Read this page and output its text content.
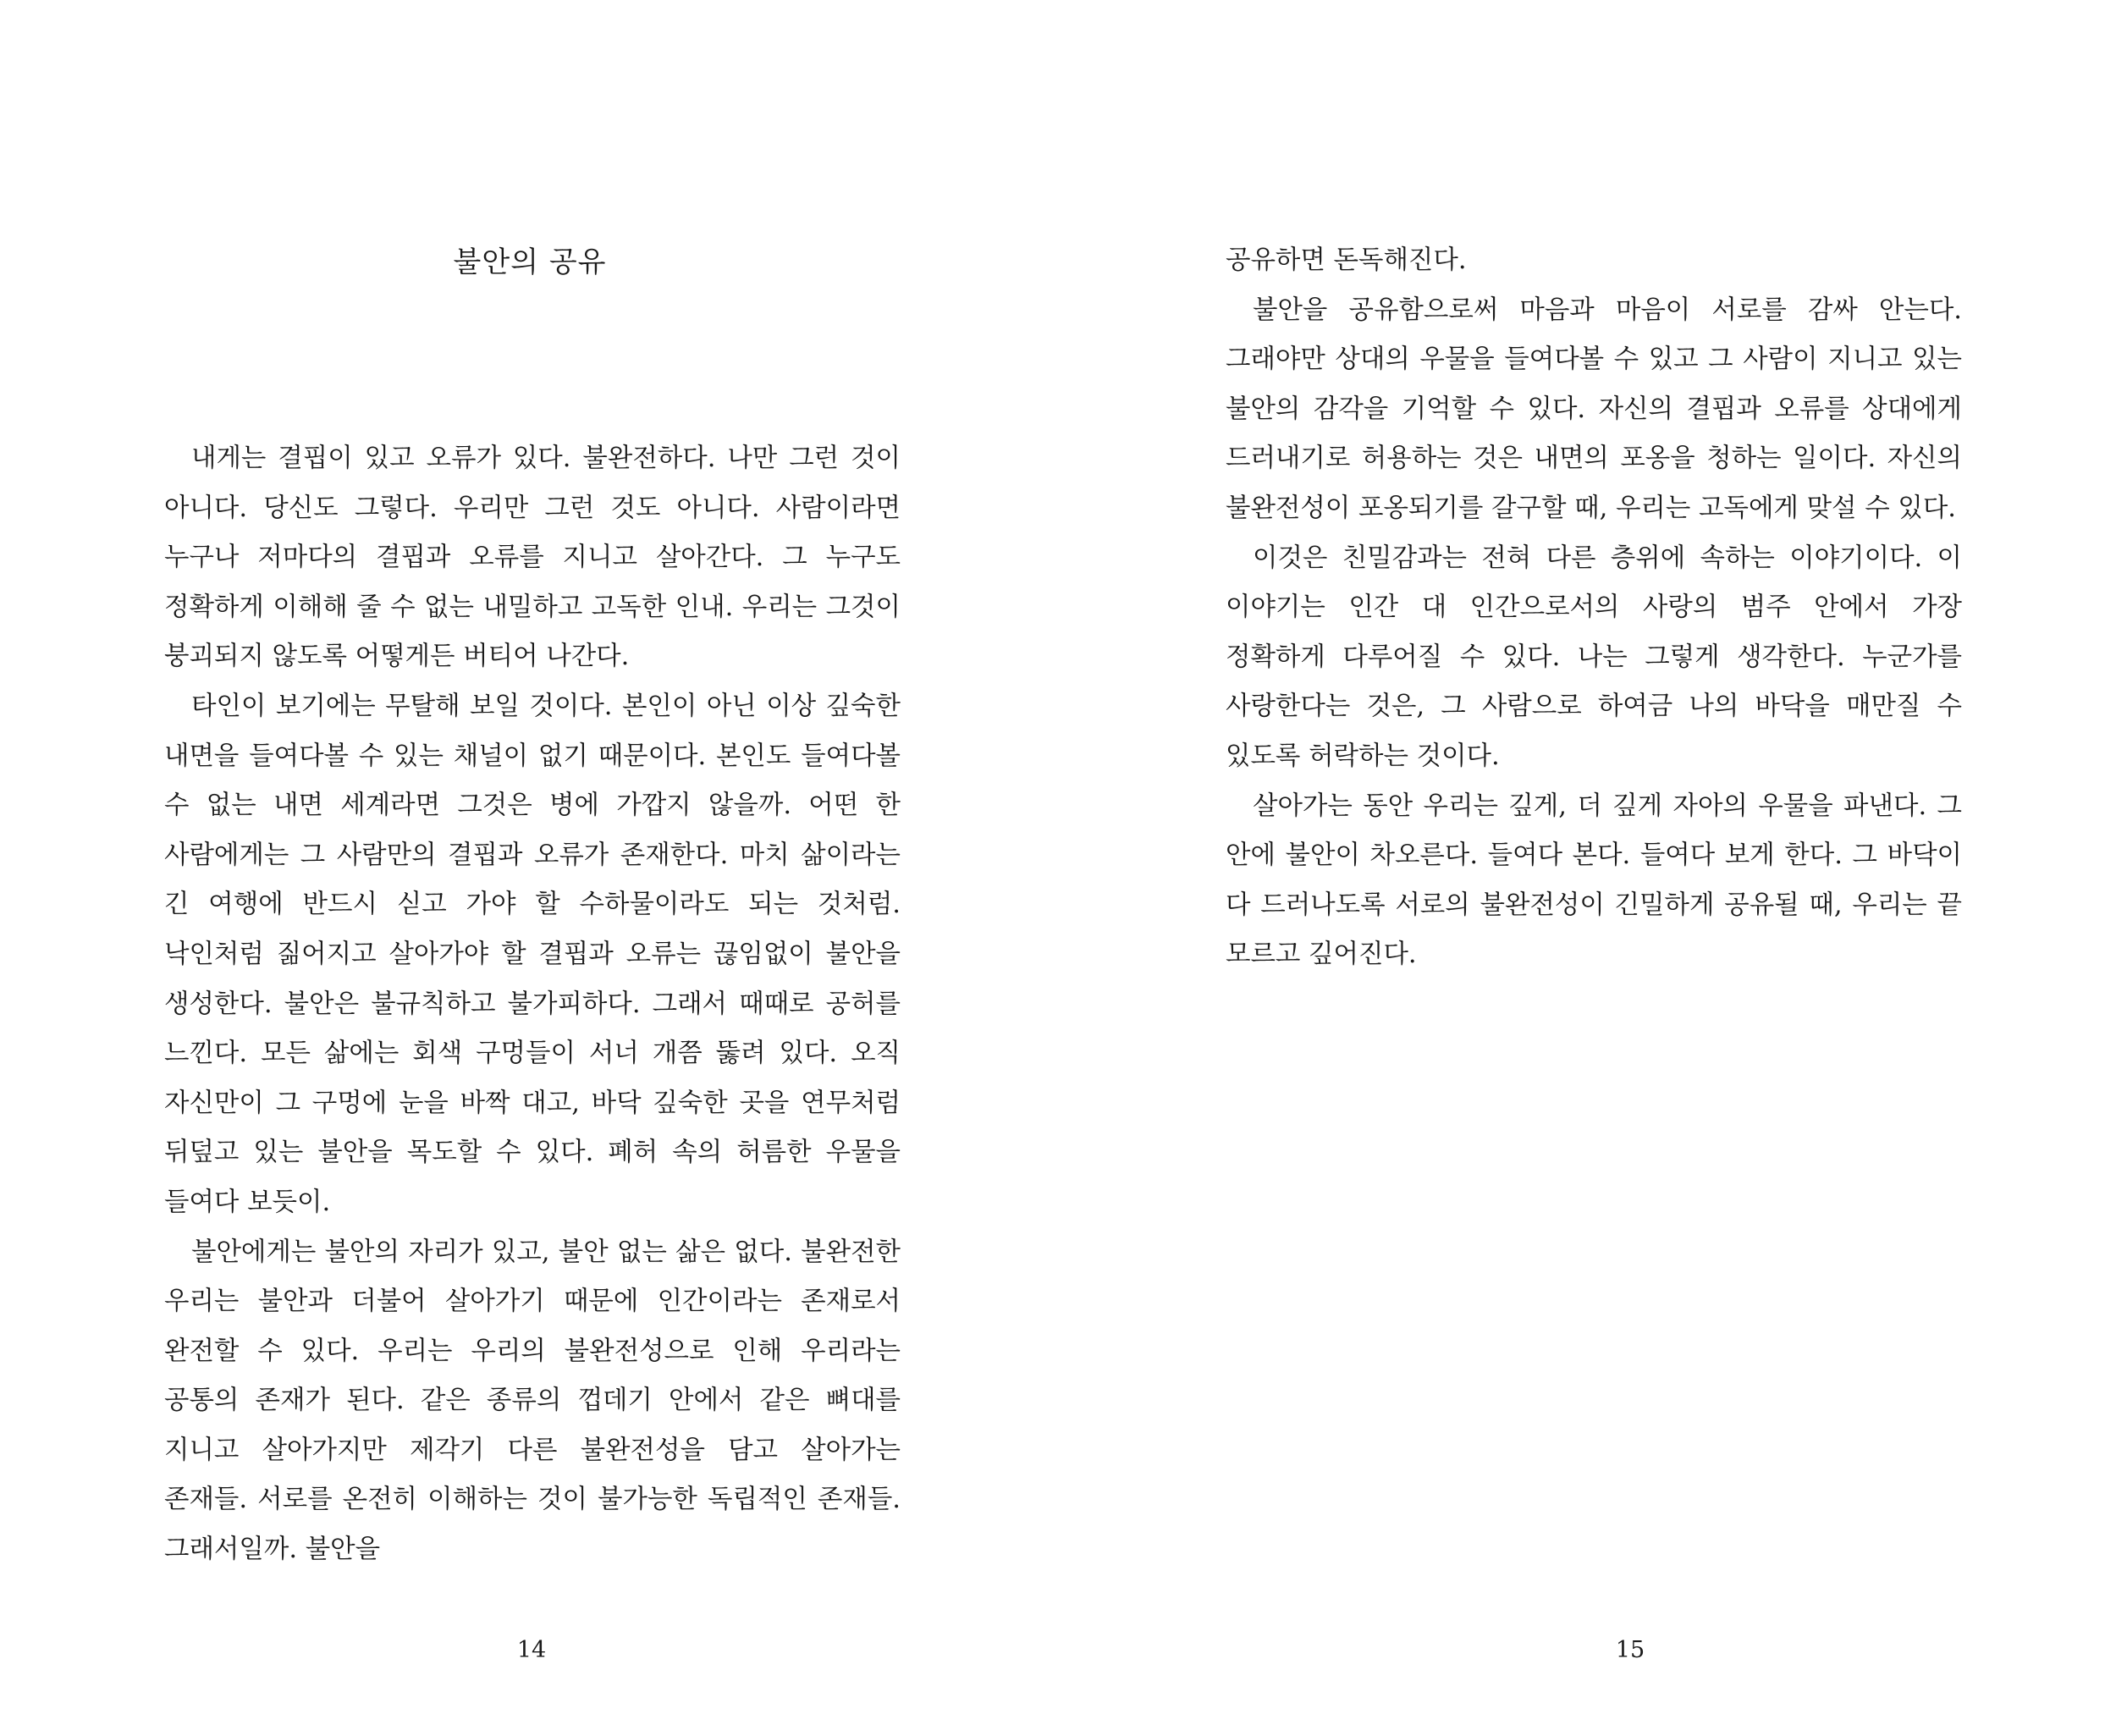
불안의 공유

내게는 결핍이 있고 오류가 있다. 불완전하다. 나만 그런 것이 아니다. 당신도 그렇다. 우리만 그런 것도 아니다. 사람이라면 누구나 저마다의 결핍과 오류를 지니고 살아간다. 그 누구도 정확하게 이해해 줄 수 없는 내밀하고 고독한 인내. 우리는 그것이 붕괴되지 않도록 어떻게든 버티어 나간다.

타인이 보기에는 무탈해 보일 것이다. 본인이 아닌 이상 깊숙한 내면을 들여다볼 수 있는 채널이 없기 때문이다. 본인도 들여다볼 수 없는 내면 세계라면 그것은 병에 가깝지 않을까. 어떤 한 사람에게는 그 사람만의 결핍과 오류가 존재한다. 마치 삶이라는 긴 여행에 반드시 싣고 가야 할 수하물이라도 되는 것처럼. 낙인처럼 짊어지고 살아가야 할 결핍과 오류는 끊임없이 불안을 생성한다. 불안은 불규칙하고 불가피하다. 그래서 때때로 공허를 느낀다. 모든 삶에는 회색 구멍들이 서너 개쯤 뚫려 있다. 오직 자신만이 그 구멍에 눈을 바짝 대고, 바닥 깊숙한 곳을 연무처럼 뒤덮고 있는 불안을 목도할 수 있다. 폐허 속의 허름한 우물을 들여다 보듯이.

불안에게는 불안의 자리가 있고, 불안 없는 삶은 없다. 불완전한 우리는 불안과 더불어 살아가기 때문에 인간이라는 존재로서 완전할 수 있다. 우리는 우리의 불완전성으로 인해 우리라는 공통의 존재가 된다. 같은 종류의 껍데기 안에서 같은 뼈대를 지니고 살아가지만 제각기 다른 불완전성을 담고 살아가는 존재들. 서로를 온전히 이해하는 것이 불가능한 독립적인 존재들. 그래서일까. 불안을

14

공유하면 돈독해진다.

불안을 공유함으로써 마음과 마음이 서로를 감싸 안는다. 그래야만 상대의 우물을 들여다볼 수 있고 그 사람이 지니고 있는 불안의 감각을 기억할 수 있다. 자신의 결핍과 오류를 상대에게 드러내기로 허용하는 것은 내면의 포옹을 청하는 일이다. 자신의 불완전성이 포옹되기를 갈구할 때, 우리는 고독에게 맞설 수 있다.

이것은 친밀감과는 전혀 다른 층위에 속하는 이야기이다. 이 이야기는 인간 대 인간으로서의 사랑의 범주 안에서 가장 정확하게 다루어질 수 있다. 나는 그렇게 생각한다. 누군가를 사랑한다는 것은, 그 사람으로 하여금 나의 바닥을 매만질 수 있도록 허락하는 것이다.

살아가는 동안 우리는 깊게, 더 깊게 자아의 우물을 파낸다. 그 안에 불안이 차오른다. 들여다 본다. 들여다 보게 한다. 그 바닥이 다 드러나도록 서로의 불완전성이 긴밀하게 공유될 때, 우리는 끝 모르고 깊어진다.

15
